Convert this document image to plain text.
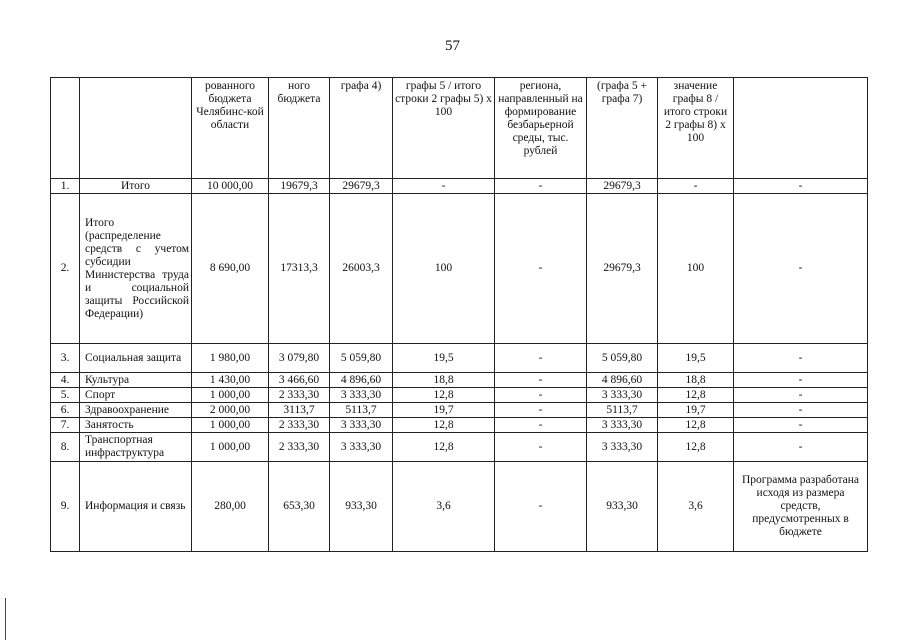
57
		рованного бюджета Челябинс-кой области	ного бюджета	графа 4)	графы 5 / итого строки 2 графы 5) х 100	региона, направленный на формирование безбарьерной среды, тыс. рублей	(графа 5 + графа 7)	значение графы 8 / итого строки 2 графы 8) х 100	
1.	Итого	10 000,00	19679,3	29679,3	-	-	29679,3	-	-
2.	Итого (распределение средств с учетом субсидии Министерства труда и социальной защиты Российской Федерации)	8 690,00	17313,3	26003,3	100	-	29679,3	100	-
3.	Социальная защита	1 980,00	3 079,80	5 059,80	19,5	-	5 059,80	19,5	-
4.	Культура	1 430,00	3 466,60	4 896,60	18,8	-	4 896,60	18,8	-
5.	Спорт	1 000,00	2 333,30	3 333,30	12,8	-	3 333,30	12,8	-
6.	Здравоохранение	2 000,00	3113,7	5113,7	19,7	-	5113,7	19,7	-
7.	Занятость	1 000,00	2 333,30	3 333,30	12,8	-	3 333,30	12,8	-
8.	Транспортная инфраструктура	1 000,00	2 333,30	3 333,30	12,8	-	3 333,30	12,8	-
9.	Информация и связь	280,00	653,30	933,30	3,6	-	933,30	3,6	Программа разработана исходя из размера средств, предусмотренных в бюджете
